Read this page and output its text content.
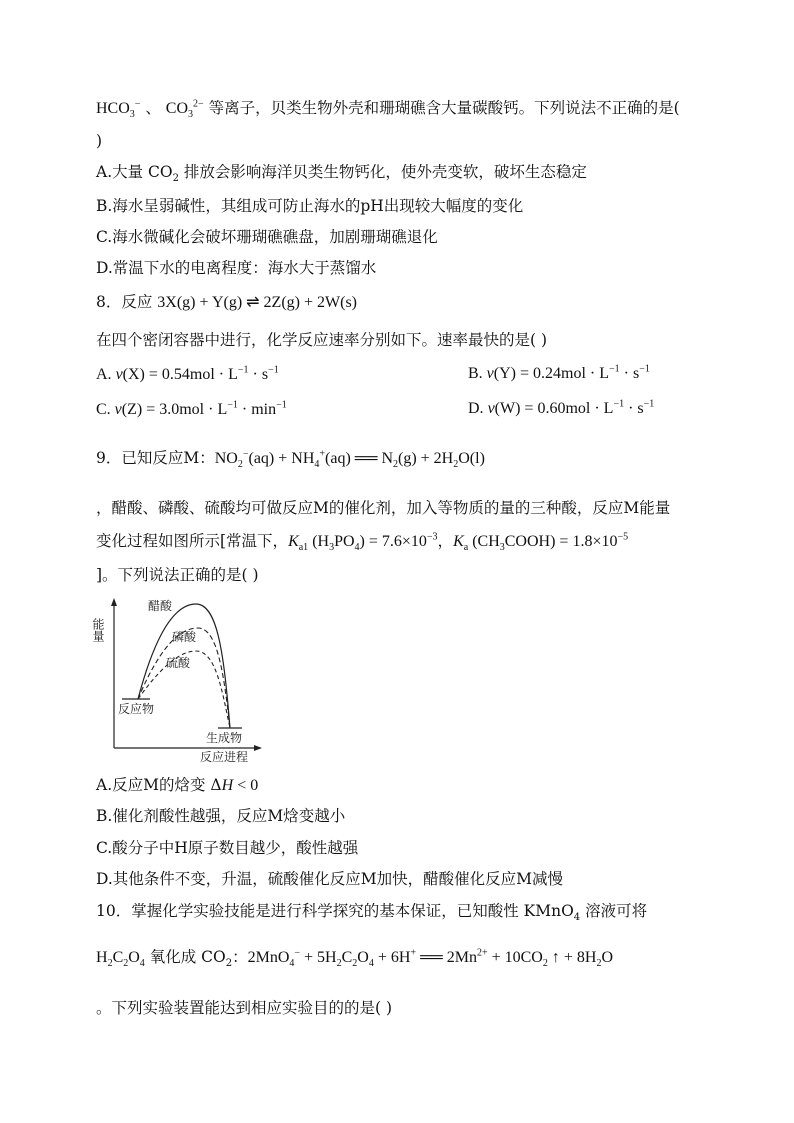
$HCO_3^-$ 、 $CO_3^{2-}$ 等离子，贝类生物外壳和珊瑚礁含大量碳酸钙。下列说法不正确的是(
)
A.大量 $CO_2$ 排放会影响海洋贝类生物钙化，使外壳变软，破坏生态稳定
B.海水呈弱碱性，其组成可防止海水的pH出现较大幅度的变化
C.海水微碱化会破坏珊瑚礁礁盘，加剧珊瑚礁退化
D.常温下水的电离程度：海水大于蒸馏水
8．反应 3X(g) + Y(g) ⇌ 2Z(g) + 2W(s)
在四个密闭容器中进行，化学反应速率分别如下。速率最快的是( )
A. $v(X) = 0.54mol \cdot L^{-1} \cdot s^{-1}$	B. $v(Y) = 0.24mol \cdot L^{-1} \cdot s^{-1}$
C. $v(Z) = 3.0mol \cdot L^{-1} \cdot \min^{-1}$	D. $v(W) = 0.60mol \cdot L^{-1} \cdot s^{-1}$
9．已知反应M：$NO_2^-(aq) + NH_4^+(aq)$ ══ $N_2(g) + 2H_2O(l)$
，醋酸、磷酸、硫酸均可做反应M的催化剂，加入等物质的量的三种酸，反应M能量
变化过程如图所示[常温下，$K_{a1}$ $(H_3PO_4) = 7.6\times 10^{-3}$，$K_a$ $(CH_3COOH) = 1.8\times 10^{-5}$
]。下列说法正确的是( )
能量
醋酸
磷酸
硫酸
反应物
生成物
反应进程
A.反应M的焓变 ΔH < 0
B.催化剂酸性越强，反应M焓变越小
C.酸分子中H原子数目越少，酸性越强
D.其他条件不变，升温，硫酸催化反应M加快，醋酸催化反应M减慢
10．掌握化学实验技能是进行科学探究的基本保证，已知酸性 KMnO$_4$ 溶液可将
$H_2C_2O_4$ 氧化成 $CO_2$：$2MnO_4^- + 5H_2C_2O_4 + 6H^+$ ══ $2Mn^{2+} + 10CO_2$ ↑ + $8H_2O$
。下列实验装置能达到相应实验目的的是( )
